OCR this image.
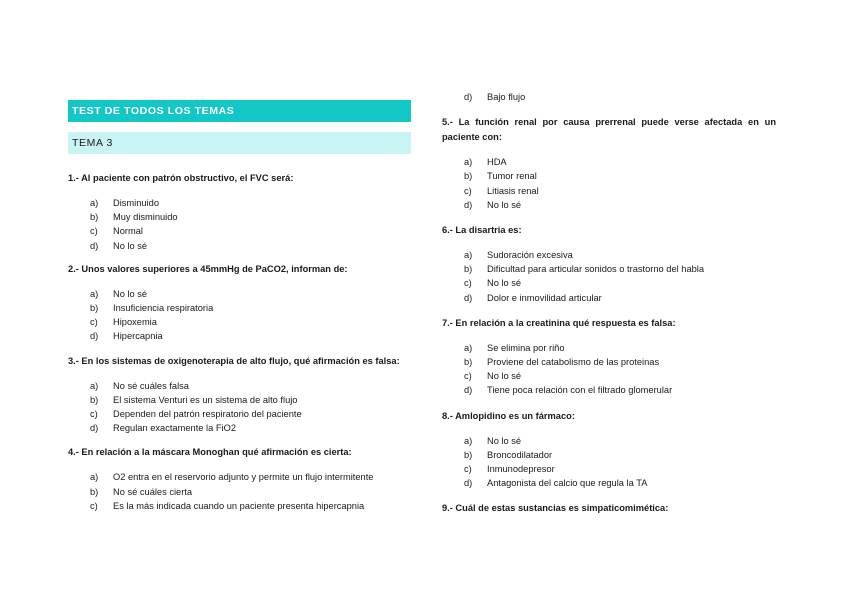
TEST DE TODOS LOS TEMAS
TEMA 3
1.- Al paciente con patrón obstructivo, el FVC será:
a)	Disminuido
b)	Muy disminuido
c)	Normal
d)	No lo sé
2.- Unos valores superiores a 45mmHg de PaCO2, informan de:
a)	No lo sé
b)	Insuficiencia respiratoria
c)	Hipoxemia
d)	Hipercapnia
3.- En los sistemas de oxigenoterapia de alto flujo, qué afirmación es falsa:
a)	No sé cuáles falsa
b)	El sistema Venturi es un sistema de alto flujo
c)	Dependen del patrón respiratorio del paciente
d)	Regulan exactamente la FiO2
4.- En relación a la máscara Monoghan qué afirmación es cierta:
a)	O2 entra en el reservorio adjunto y permite un flujo intermitente
b)	No sé cuáles cierta
c)	Es la más indicada cuando un paciente presenta hipercapnia
d)	Bajo flujo
5.- La función renal por causa prerrenal puede verse afectada en un paciente con:
a)	HDA
b)	Tumor renal
c)	Litiasis renal
d)	No lo sé
6.- La disartria es:
a)	Sudoración excesiva
b)	Dificultad para articular sonidos o trastorno del habla
c)	No lo sé
d)	Dolor e inmovilidad articular
7.- En relación a la creatinina qué respuesta es falsa:
a)	Se elimina por riño
b)	Proviene del catabolismo de las proteinas
c)	No lo sé
d)	Tiene poca relación con el filtrado glomerular
8.- Amlopidino es un fármaco:
a)	No lo sé
b)	Broncodilatador
c)	Inmunodepresor
d)	Antagonista del calcio que regula la TA
9.- Cuál de estas sustancias es simpaticomimética:
